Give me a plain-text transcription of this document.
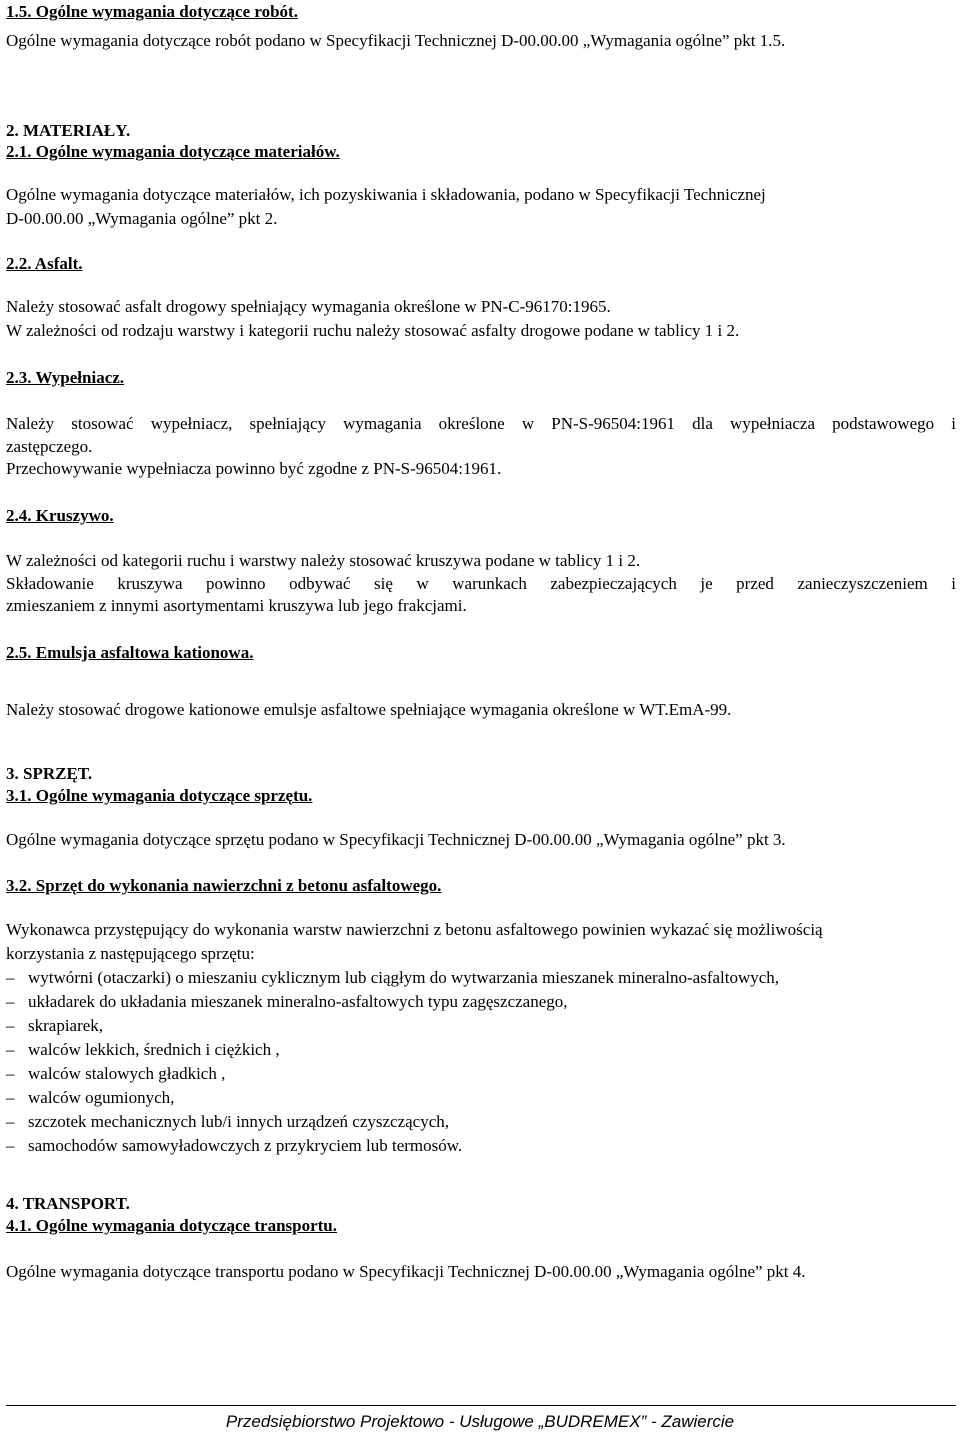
1.5. Ogólne wymagania dotyczące robót.
Ogólne wymagania dotyczące robót podano w Specyfikacji Technicznej D-00.00.00 „Wymagania ogólne” pkt 1.5.
2. MATERIAŁY.
2.1. Ogólne wymagania dotyczące materiałów.
Ogólne wymagania dotyczące materiałów, ich pozyskiwania i składowania, podano w Specyfikacji Technicznej
D-00.00.00 „Wymagania ogólne” pkt 2.
2.2. Asfalt.
Należy stosować asfalt drogowy spełniający wymagania określone w PN-C-96170:1965.
W zależności od rodzaju warstwy i kategorii ruchu należy stosować asfalty drogowe podane w tablicy 1 i 2.
2.3. Wypełniacz.
Należy stosować wypełniacz, spełniający wymagania określone w PN-S-96504:1961 dla wypełniacza podstawowego i
zastępczego.
Przechowywanie wypełniacza powinno być zgodne z PN-S-96504:1961.
2.4. Kruszywo.
W zależności od kategorii ruchu i warstwy należy stosować kruszywa podane w tablicy 1 i 2.
Składowanie kruszywa powinno odbywać się w warunkach zabezpieczających je przed zanieczyszczeniem i
zmieszaniem z innymi asortymentami kruszywa lub jego frakcjami.
2.5. Emulsja asfaltowa kationowa.
Należy stosować drogowe kationowe emulsje asfaltowe spełniające wymagania określone w WT.EmA-99.
3. SPRZĘT.
3.1. Ogólne wymagania dotyczące sprzętu.
Ogólne wymagania dotyczące sprzętu podano w Specyfikacji Technicznej D-00.00.00 „Wymagania ogólne” pkt 3.
3.2. Sprzęt do wykonania nawierzchni z betonu asfaltowego.
Wykonawca przystępujący do wykonania warstw nawierzchni z betonu asfaltowego powinien wykazać się możliwością
korzystania z następującego sprzętu:
– wytwórni (otaczarki) o mieszaniu cyklicznym lub ciągłym do wytwarzania mieszanek mineralno-asfaltowych,
– układarek do układania mieszanek mineralno-asfaltowych typu zagęszczanego,
– skrapiarek,
– walców lekkich, średnich i ciężkich ,
– walców stalowych gładkich ,
– walców ogumionych,
– szczotek mechanicznych lub/i innych urządzeń czyszczących,
– samochodów samowyładowczych z przykryciem lub termosów.
4. TRANSPORT.
4.1. Ogólne wymagania dotyczące transportu.
Ogólne wymagania dotyczące transportu podano w Specyfikacji Technicznej D-00.00.00 „Wymagania ogólne” pkt 4.
Przedsiębiorstwo Projektowo - Usługowe „BUDREMEX” - Zawiercie
